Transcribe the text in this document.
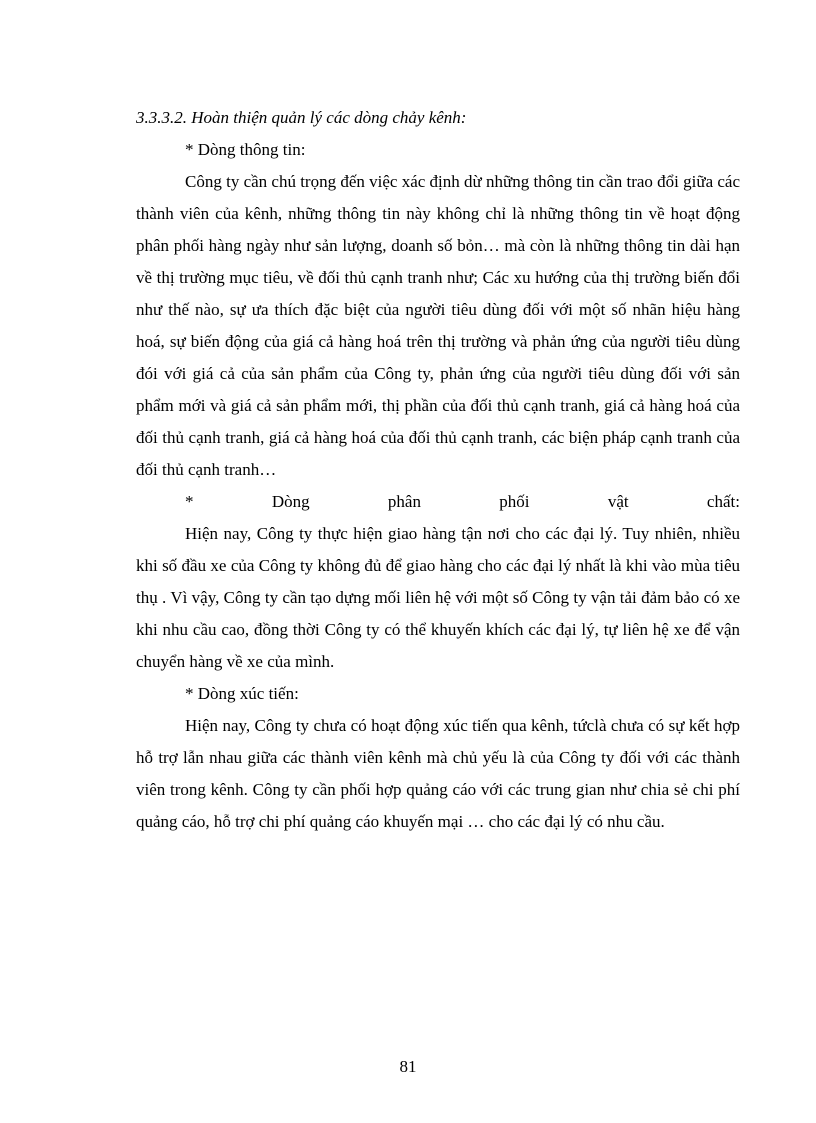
3.3.3.2. Hoàn thiện quản lý các dòng chảy kênh:

* Dòng thông tin:

Công ty cần chú trọng đến việc xác định dừ những thông tin cần trao đổi giữa các thành viên của kênh, những thông tin này không chỉ là những thông tin về hoạt động phân phối hàng ngày như sản lượng, doanh số bỏn… mà còn là những thông tin dài hạn về thị trường mục tiêu, về đối thủ cạnh tranh như; Các xu hướng của thị trường biến đổi như thế nào, sự ưa thích đặc biệt của người tiêu dùng đối với một số nhãn hiệu hàng hoá, sự biến động của giá cả hàng hoá trên thị trường và phản ứng của người tiêu dùng đói với giá cả của sản phẩm của Công ty, phản ứng của người tiêu dùng đối với sản phẩm mới và giá cả sản phẩm mới, thị phần của đối thủ cạnh tranh, giá cả hàng hoá của đối thủ cạnh tranh, giá cả hàng hoá của đối thủ cạnh tranh, các biện pháp cạnh tranh của đối thủ cạnh tranh…

*	Dòng	phân	phối	vật	chất:

Hiện nay, Công ty thực hiện giao hàng tận nơi cho các đại lý. Tuy nhiên, nhiều khi số đầu xe của Công ty không đủ để giao hàng cho các đại lý nhất là khi vào mùa tiêu thụ . Vì vậy, Công ty cần tạo dựng mối liên hệ với một số Công ty vận tải đảm bảo có xe khi nhu cầu cao, đồng thời Công ty có thể khuyến khích các đại lý, tự liên hệ xe để vận chuyển hàng về xe của mình.

* Dòng xúc tiến:

Hiện nay, Công ty chưa có hoạt động xúc tiến qua kênh, tứclà chưa có sự kết hợp hỗ trợ lẫn nhau giữa các thành viên kênh mà chủ yếu là của Công ty đối với các thành viên trong kênh. Công ty cần phối hợp quảng cáo với các trung gian như chia sẻ chi phí quảng cáo, hỗ trợ chi phí quảng cáo khuyến mại … cho các đại lý có nhu cầu.

81
